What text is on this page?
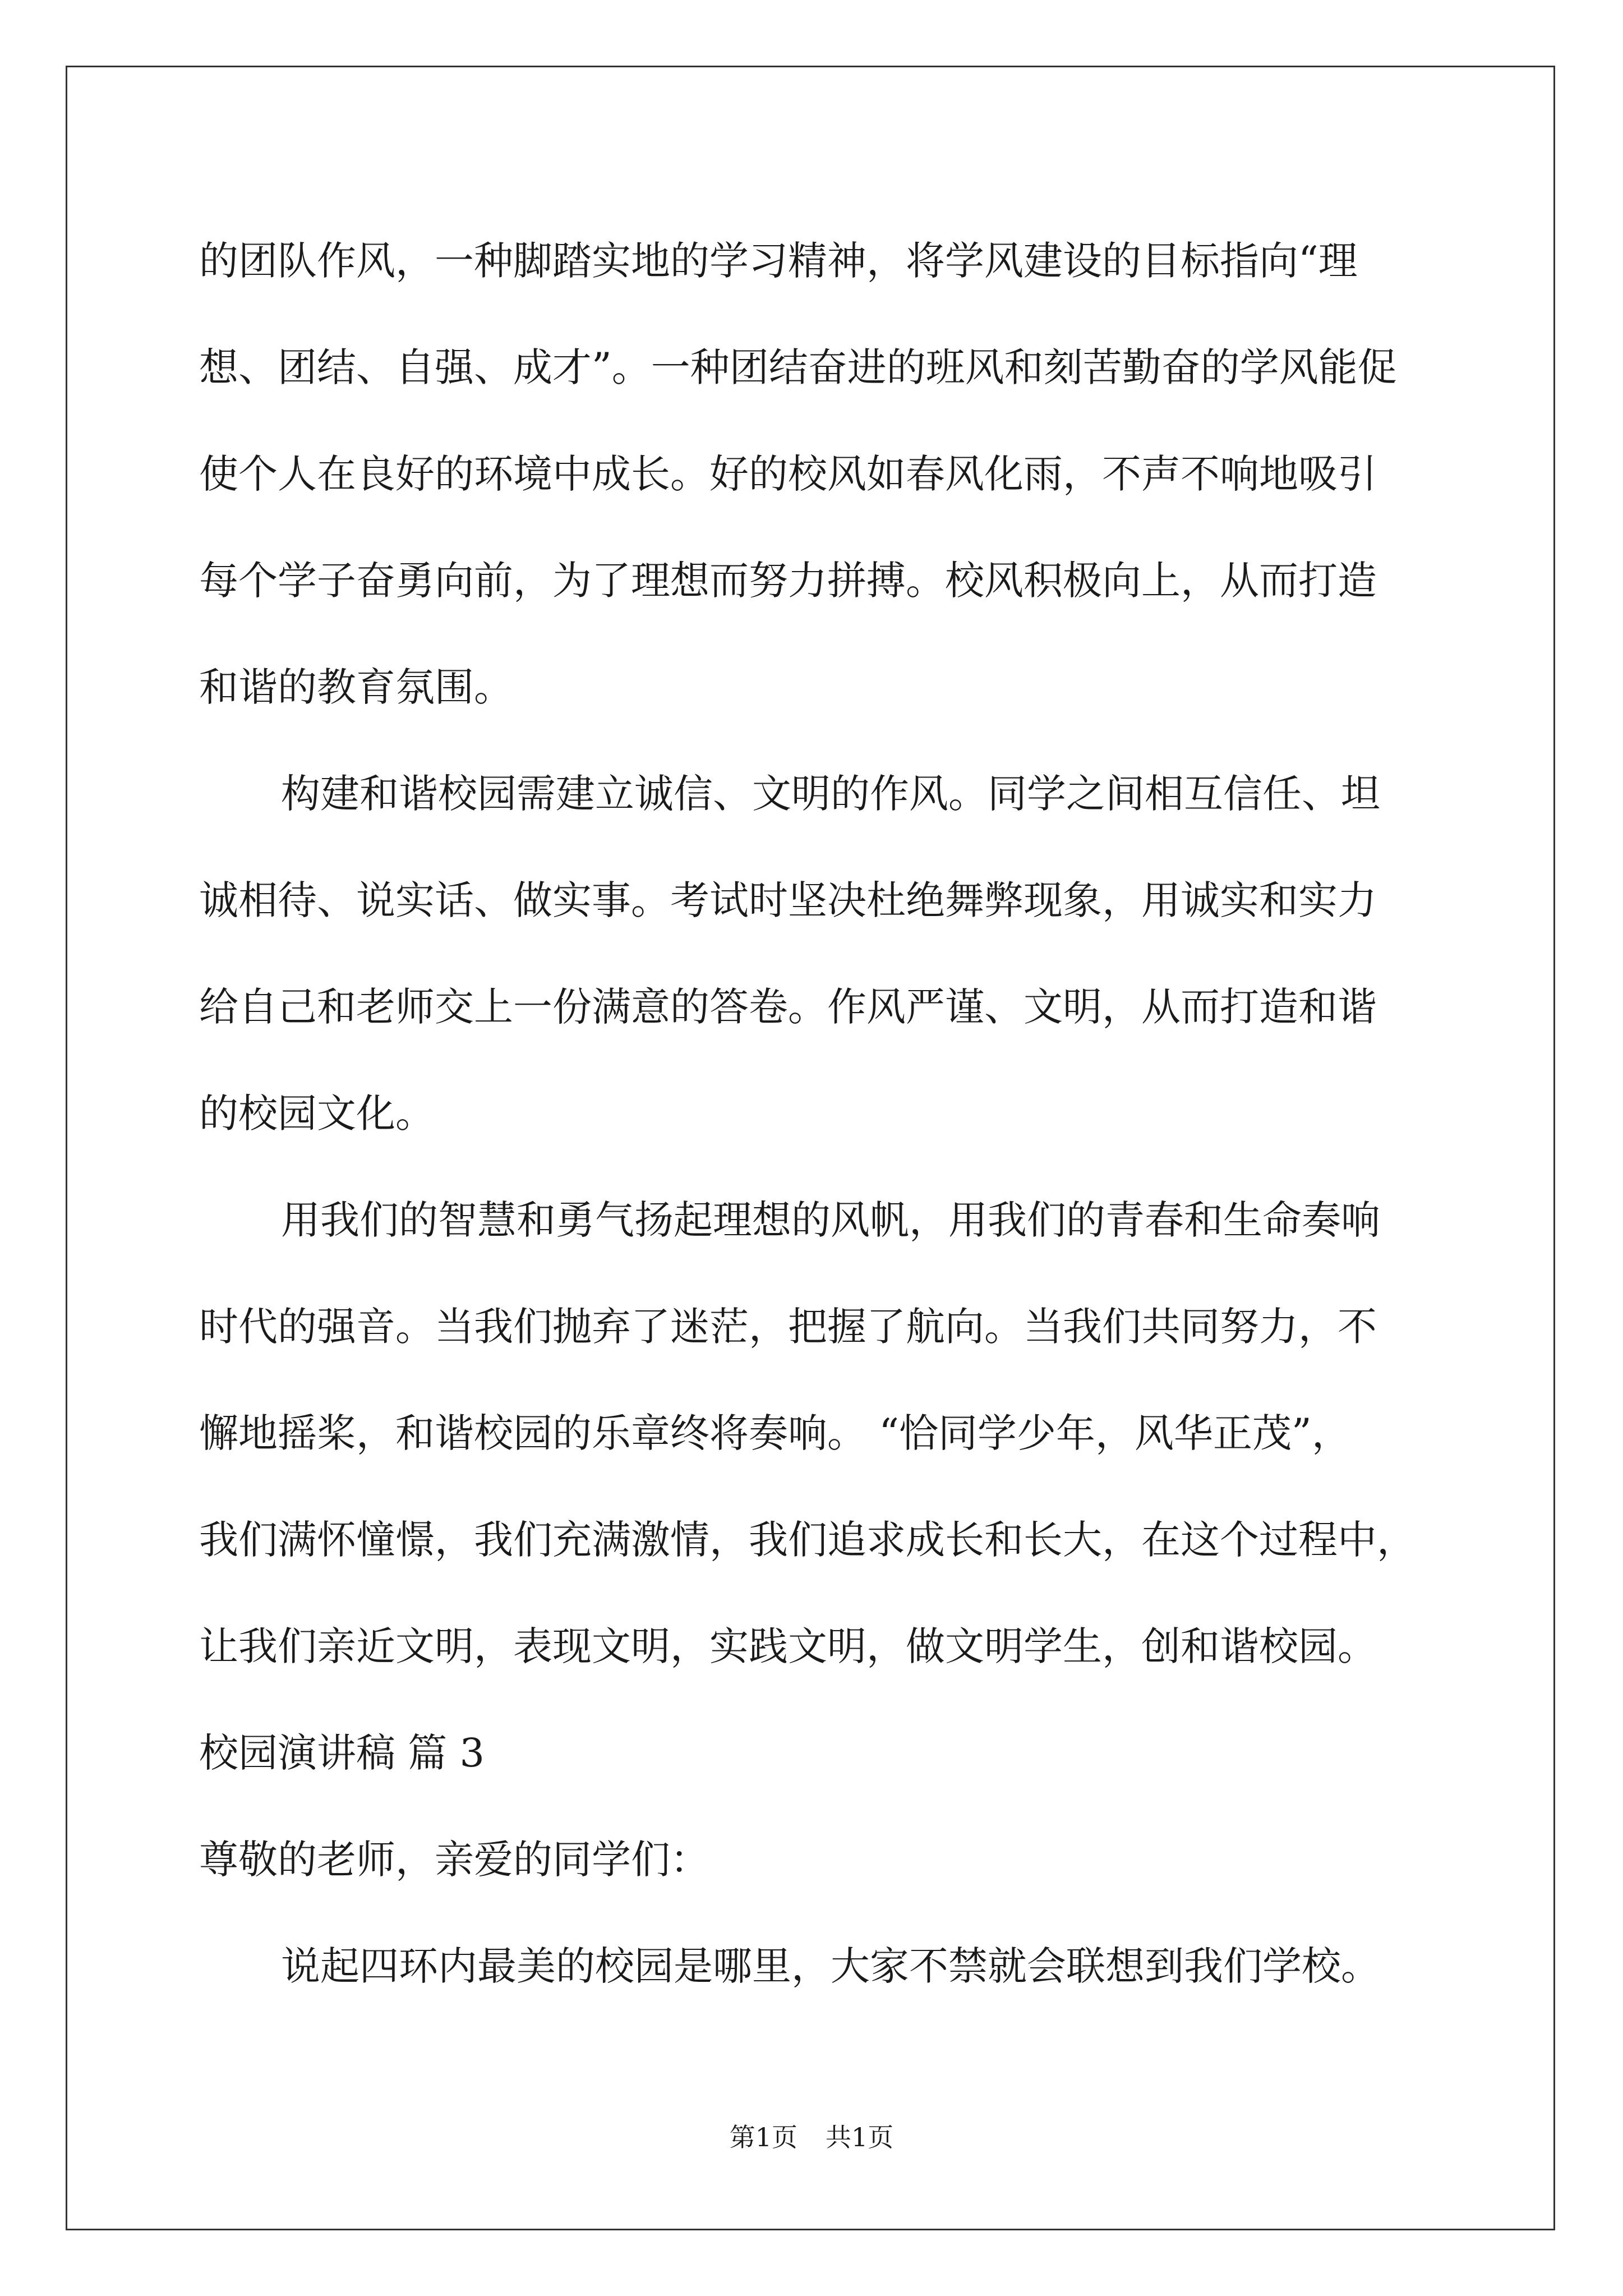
的团队作风，一种脚踏实地的学习精神，将学风建设的目标指向“理
想、团结、自强、成才”。一种团结奋进的班风和刻苦勤奋的学风能促
使个人在良好的环境中成长。好的校风如春风化雨，不声不响地吸引
每个学子奋勇向前，为了理想而努力拼搏。校风积极向上，从而打造
和谐的教育氛围。
构建和谐校园需建立诚信、文明的作风。同学之间相互信任、坦
诚相待、说实话、做实事。考试时坚决杜绝舞弊现象，用诚实和实力
给自己和老师交上一份满意的答卷。作风严谨、文明，从而打造和谐
的校园文化。
用我们的智慧和勇气扬起理想的风帆，用我们的青春和生命奏响
时代的强音。当我们抛弃了迷茫，把握了航向。当我们共同努力，不
懈地摇桨，和谐校园的乐章终将奏响。 “恰同学少年，风华正茂”，
我们满怀憧憬，我们充满激情，我们追求成长和长大，在这个过程中，
让我们亲近文明，表现文明，实践文明，做文明学生，创和谐校园。
校园演讲稿 篇 3
尊敬的老师，亲爱的同学们：
说起四环内最美的校园是哪里，大家不禁就会联想到我们学校。
第1页 共1页
